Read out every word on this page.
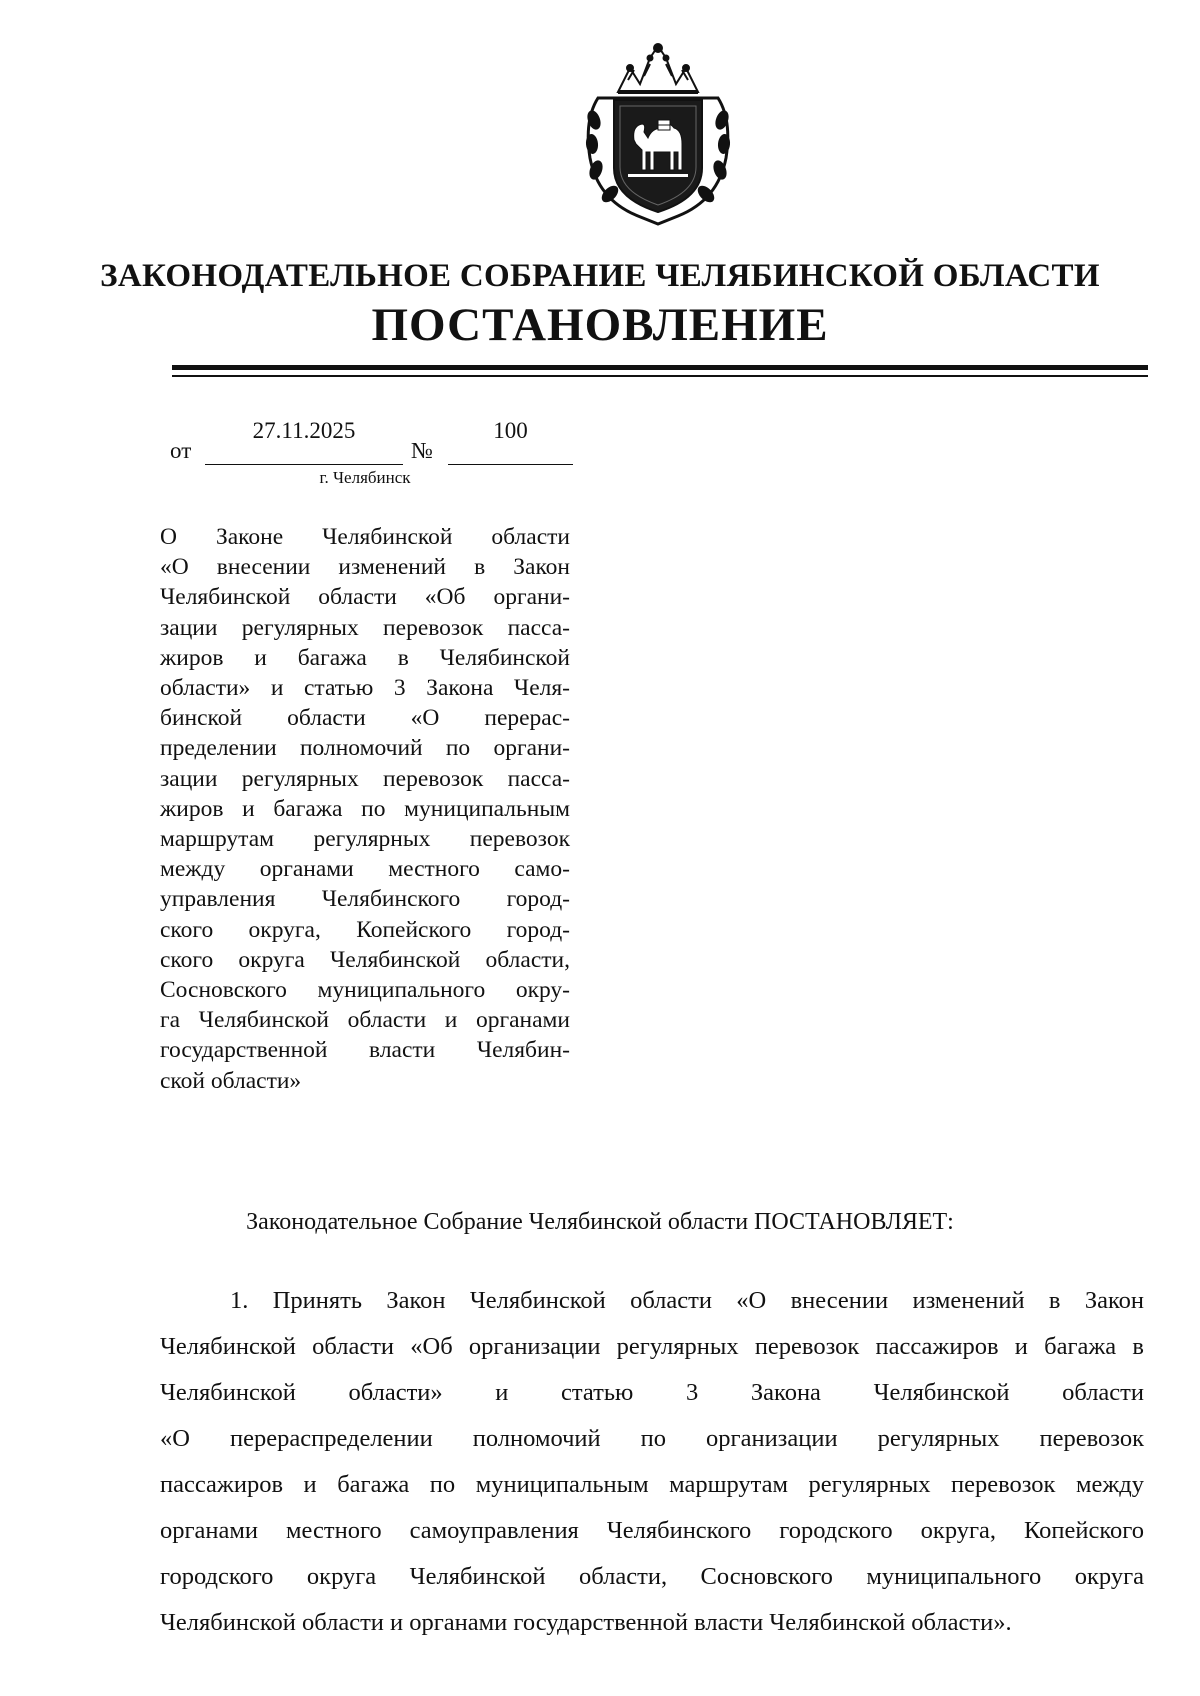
ЗАКОНОДАТЕЛЬНОЕ СОБРАНИЕ ЧЕЛЯБИНСКОЙ ОБЛАСТИ
ПОСТАНОВЛЕНИЕ
от
27.11.2025
№
100
г. Челябинск
О Законе Челябинской области
«О внесении изменений в Закон
Челябинской области «Об органи-
зации регулярных перевозок пасса-
жиров и багажа в Челябинской
области» и статью 3 Закона Челя-
бинской области «О перерас-
пределении полномочий по органи-
зации регулярных перевозок пасса-
жиров и багажа по муниципальным
маршрутам регулярных перевозок
между органами местного само-
управления Челябинского город-
ского округа, Копейского город-
ского округа Челябинской области,
Сосновского муниципального окру-
га Челябинской области и органами
государственной власти Челябин-
ской области»

Законодательное Собрание Челябинской области ПОСТАНОВЛЯЕТ:

1. Принять Закон Челябинской области «О внесении изменений в Закон
Челябинской области «Об организации регулярных перевозок пассажиров и багажа в
Челябинской области» и статью 3 Закона Челябинской области
«О перераспределении полномочий по организации регулярных перевозок
пассажиров и багажа по муниципальным маршрутам регулярных перевозок между
органами местного самоуправления Челябинского городского округа, Копейского
городского округа Челябинской области, Сосновского муниципального округа
Челябинской области и органами государственной власти Челябинской области».
